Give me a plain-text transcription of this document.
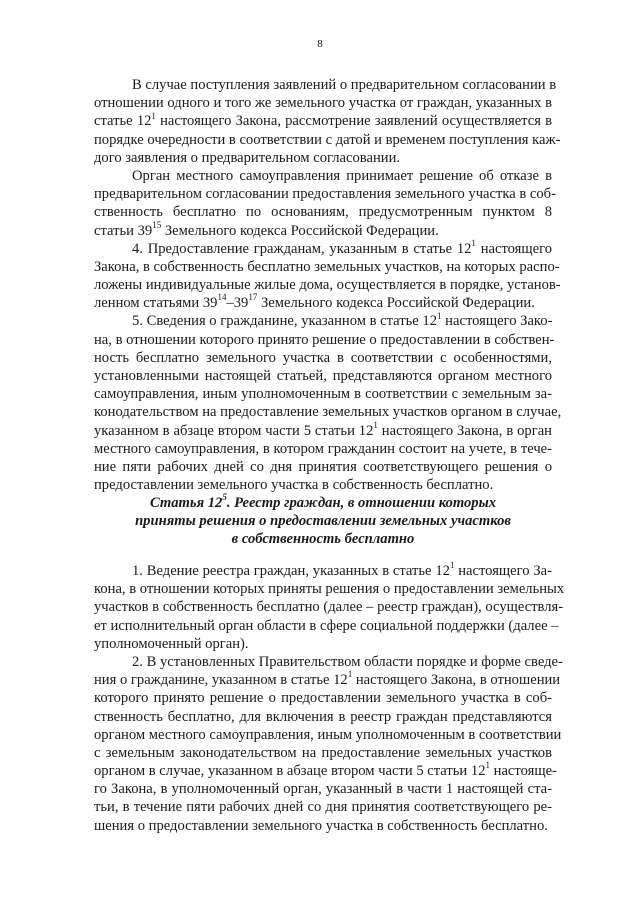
8
В случае поступления заявлений о предварительном согласовании в
отношении одного и того же земельного участка от граждан, указанных в
статье $12^1$ настоящего Закона, рассмотрение заявлений осуществляется в
порядке очередности в соответствии с датой и временем поступления каж-
дого заявления о предварительном согласовании.
Орган местного самоуправления принимает решение об отказе в
предварительном согласовании предоставления земельного участка в соб-
ственность бесплатно по основаниям, предусмотренным пунктом 8
статьи $39^{15}$ Земельного кодекса Российской Федерации.
4. Предоставление гражданам, указанным в статье $12^1$ настоящего
Закона, в собственность бесплатно земельных участков, на которых распо-
ложены индивидуальные жилые дома, осуществляется в порядке, установ-
ленном статьями $39^{14}-39^{17}$ Земельного кодекса Российской Федерации.
5. Сведения о гражданине, указанном в статье $12^1$ настоящего Зако-
на, в отношении которого принято решение о предоставлении в собствен-
ность бесплатно земельного участка в соответствии с особенностями,
установленными настоящей статьей, представляются органом местного
самоуправления, иным уполномоченным в соответствии с земельным за-
конодательством на предоставление земельных участков органом в случае,
указанном в абзаце втором части 5 статьи $12^1$ настоящего Закона, в орган
местного самоуправления, в котором гражданин состоит на учете, в тече-
ние пяти рабочих дней со дня принятия соответствующего решения о
предоставлении земельного участка в собственность бесплатно.
Статья $12^5$. Реестр граждан, в отношении которых
приняты решения о предоставлении земельных участков
в собственность бесплатно
1. Ведение реестра граждан, указанных в статье $12^1$ настоящего За-
кона, в отношении которых приняты решения о предоставлении земельных
участков в собственность бесплатно (далее – реестр граждан), осуществля-
ет исполнительный орган области в сфере социальной поддержки (далее –
уполномоченный орган).
2. В установленных Правительством области порядке и форме сведе-
ния о гражданине, указанном в статье $12^1$ настоящего Закона, в отношении
которого принято решение о предоставлении земельного участка в соб-
ственность бесплатно, для включения в реестр граждан представляются
органом местного самоуправления, иным уполномоченным в соответствии
с земельным законодательством на предоставление земельных участков
органом в случае, указанном в абзаце втором части 5 статьи $12^1$ настояще-
го Закона, в уполномоченный орган, указанный в части 1 настоящей ста-
тьи, в течение пяти рабочих дней со дня принятия соответствующего ре-
шения о предоставлении земельного участка в собственность бесплатно.
